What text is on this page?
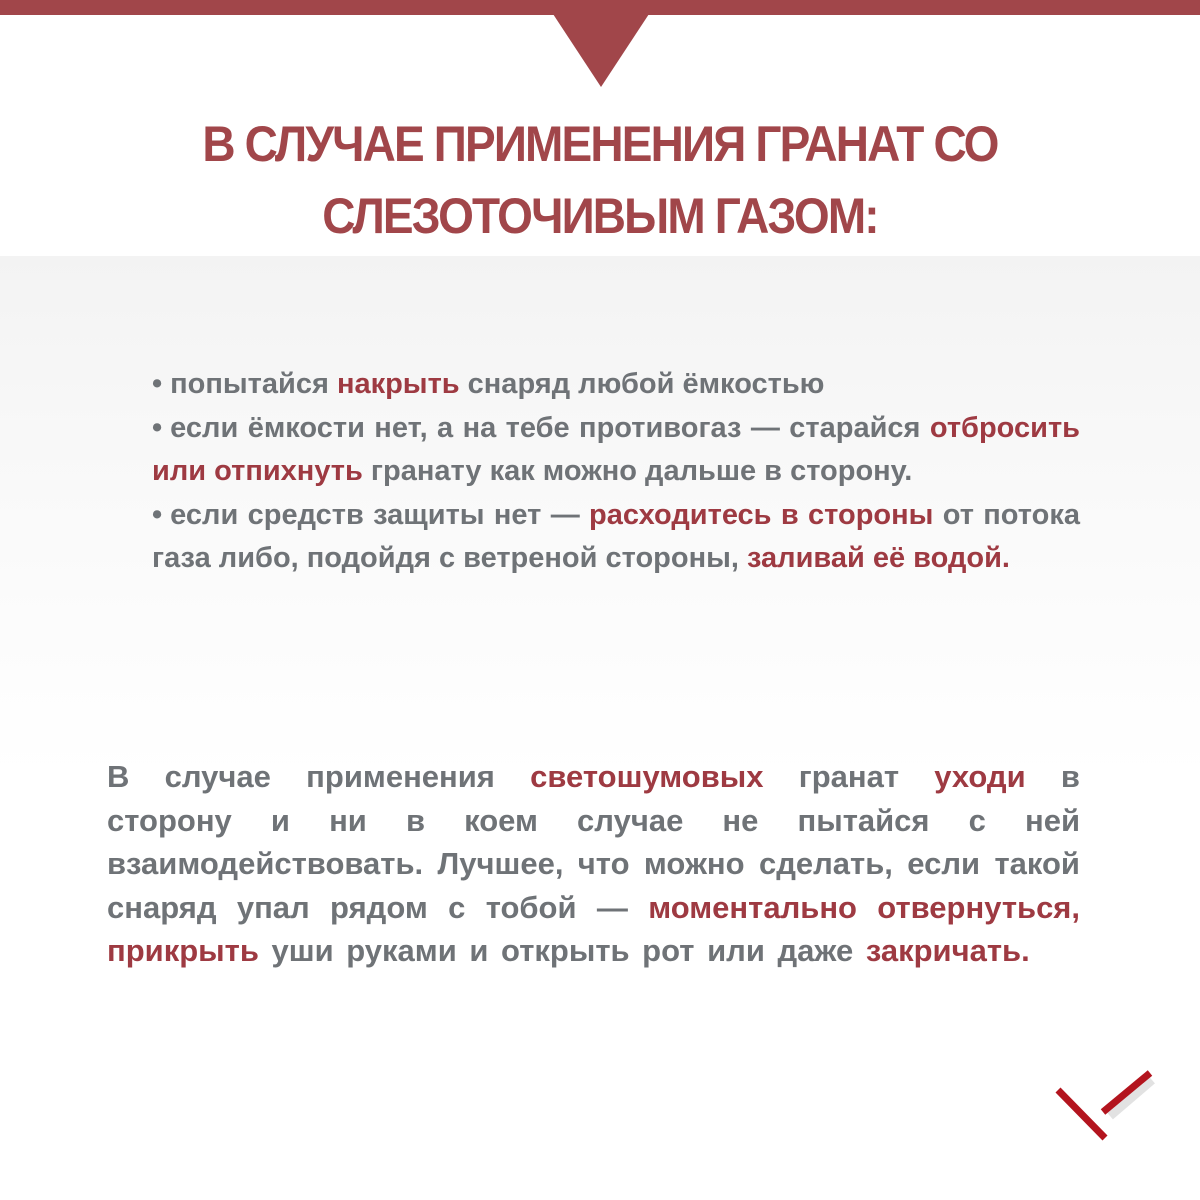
В СЛУЧАЕ ПРИМЕНЕНИЯ ГРАНАТ СО
СЛЕЗОТОЧИВЫМ ГАЗОМ:
• попытайся накрыть снаряд любой ёмкостью
• если ёмкости нет, а на тебе противогаз — старайся отбросить или отпихнуть гранату как можно дальше в сторону.
• если средств защиты нет — расходитесь в стороны от потока газа либо, подойдя с ветреной стороны, заливай её водой.

В случае применения светошумовых гранат уходи в сторону и ни в коем случае не пытайся с ней взаимодействовать. Лучшее, что можно сделать, если такой снаряд упал рядом с тобой — моментально отвернуться, прикрыть уши руками и открыть рот или даже закричать.
